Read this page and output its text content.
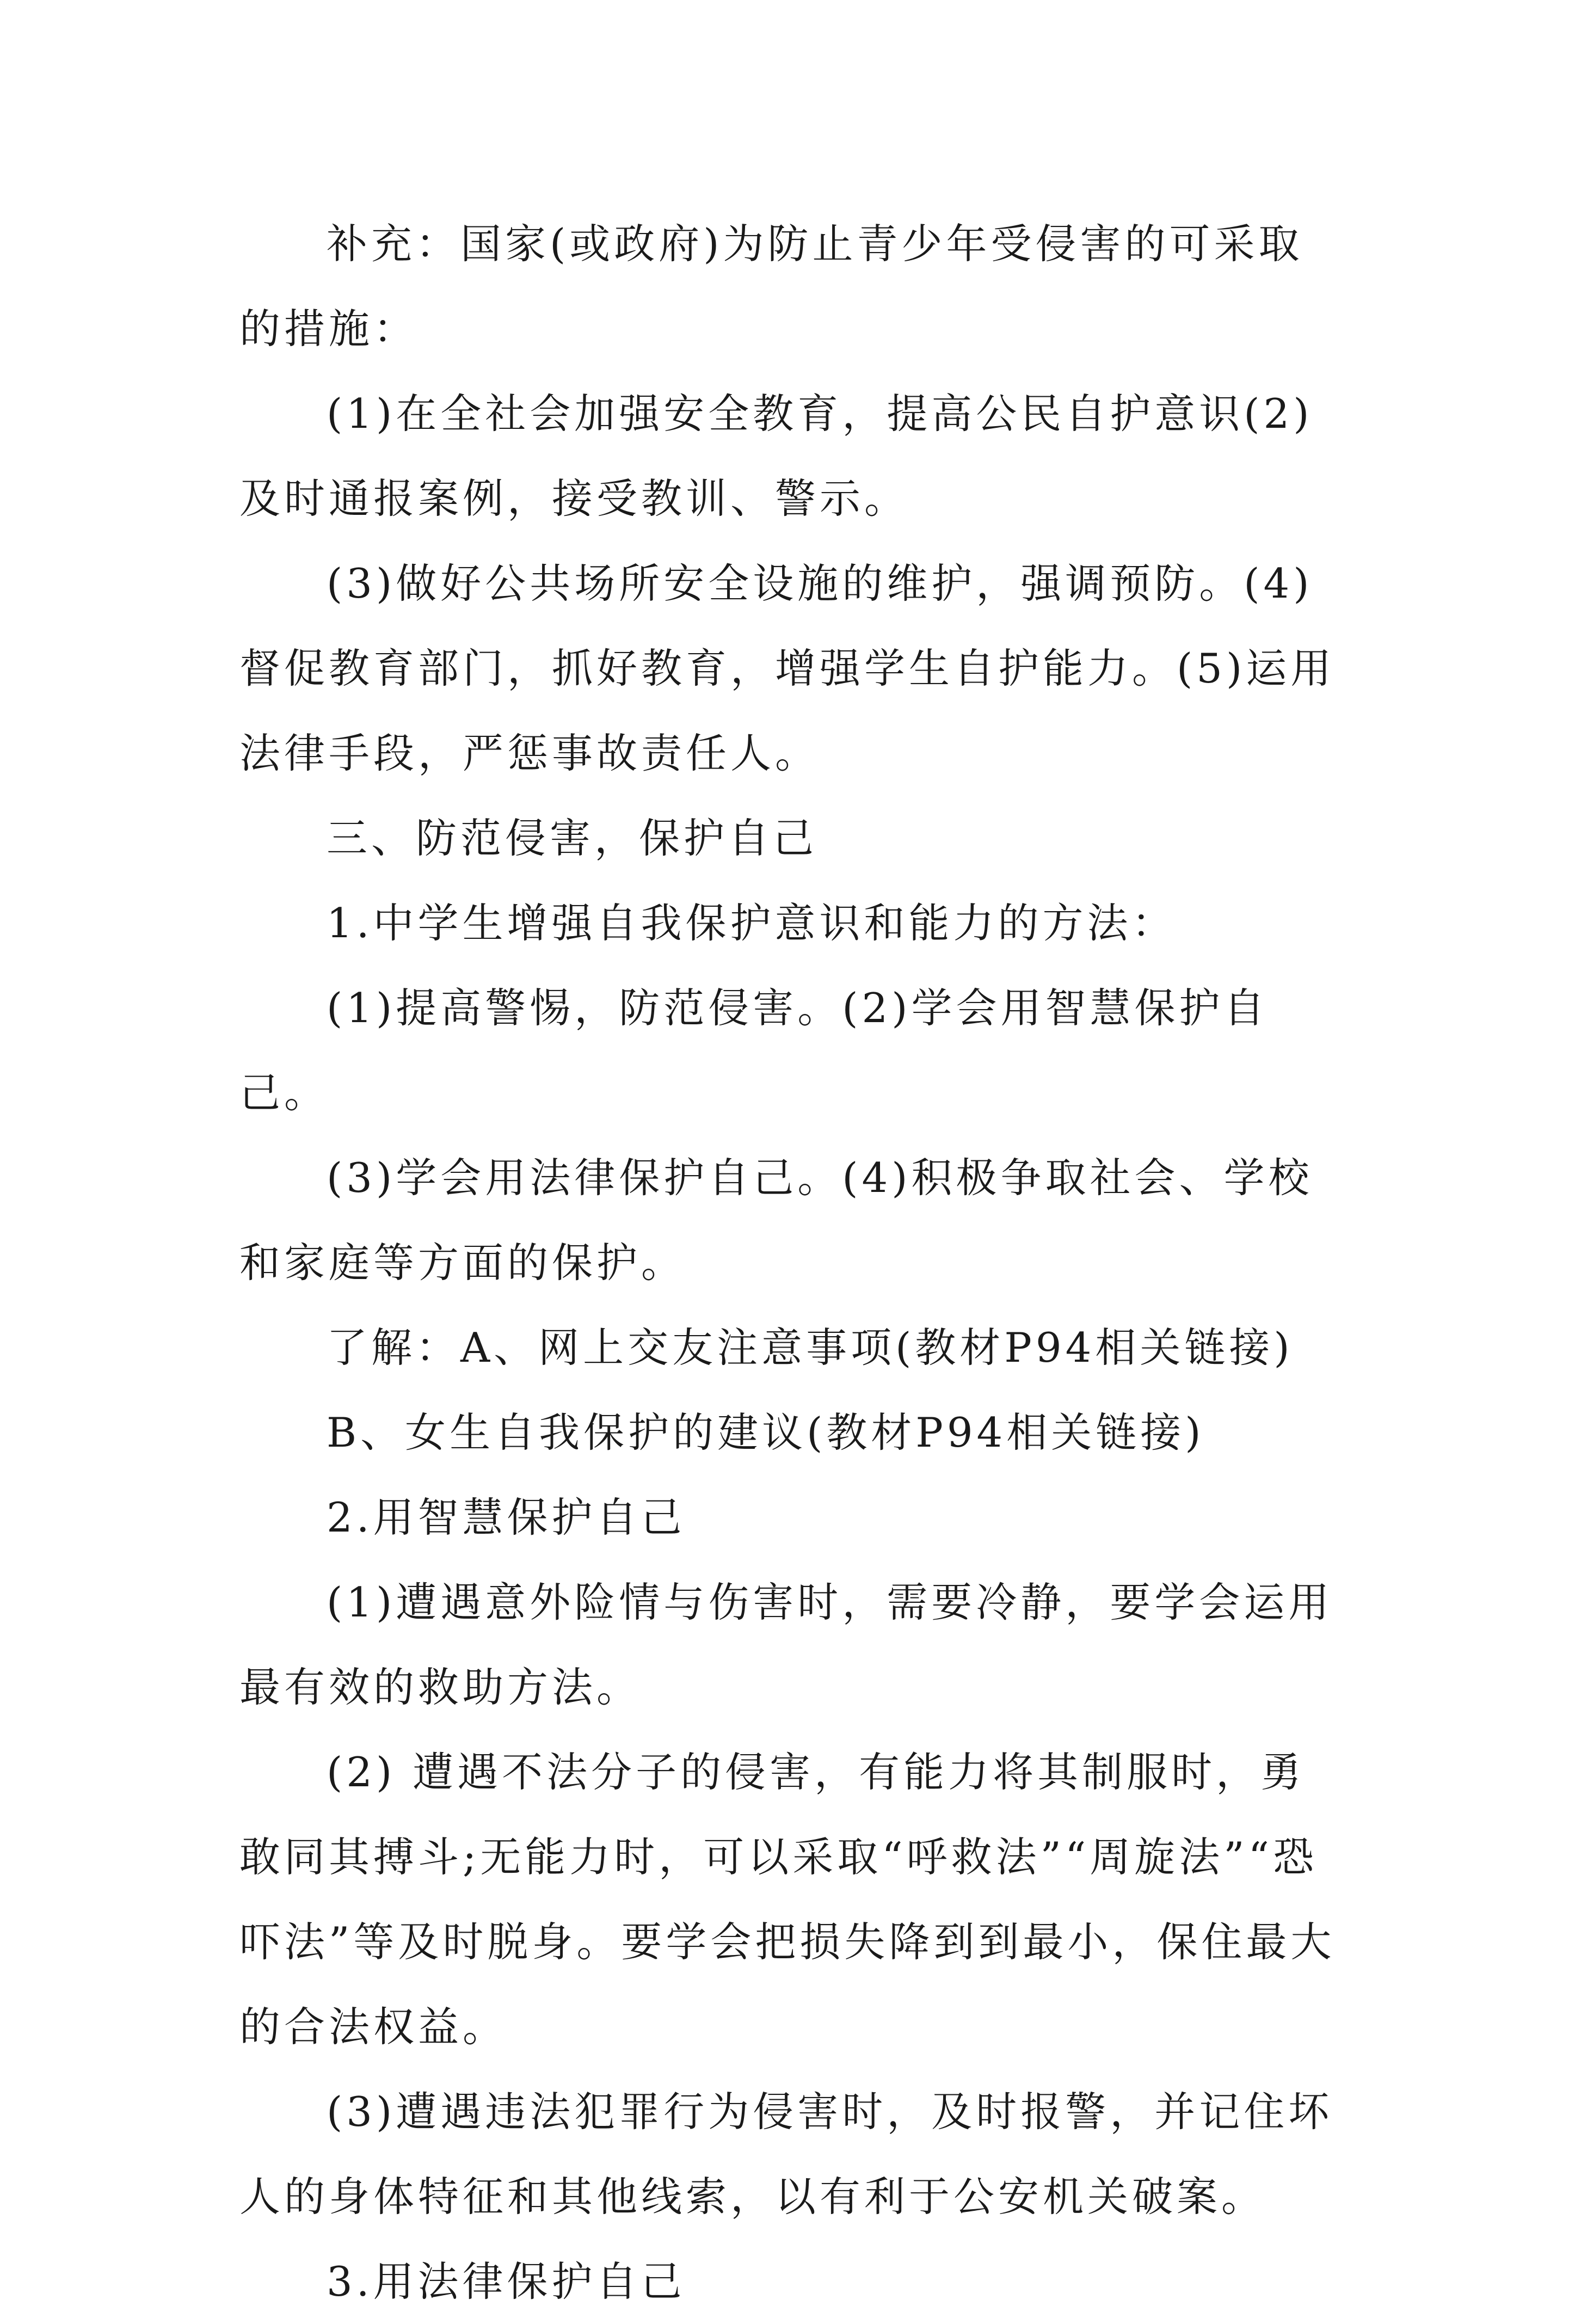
补充：国家(或政府)为防止青少年受侵害的可采取的措施：

(1)在全社会加强安全教育，提高公民自护意识(2)及时通报案例，接受教训、警示。

(3)做好公共场所安全设施的维护，强调预防。(4)督促教育部门，抓好教育，增强学生自护能力。(5)运用法律手段，严惩事故责任人。

三、防范侵害，保护自己

1.中学生增强自我保护意识和能力的方法：

(1)提高警惕，防范侵害。(2)学会用智慧保护自己。

(3)学会用法律保护自己。(4)积极争取社会、学校和家庭等方面的保护。

了解：A、网上交友注意事项(教材P94相关链接)

B、女生自我保护的建议(教材P94相关链接)

2.用智慧保护自己

(1)遭遇意外险情与伤害时，需要冷静，要学会运用最有效的救助方法。

(2) 遭遇不法分子的侵害，有能力将其制服时，勇敢同其搏斗;无能力时，可以采取“呼救法”“周旋法”“恐吓法”等及时脱身。要学会把损失降到到最小，保住最大的合法权益。

(3)遭遇违法犯罪行为侵害时，及时报警，并记住坏人的身体特征和其他线索，以有利于公安机关破案。

3.用法律保护自己
